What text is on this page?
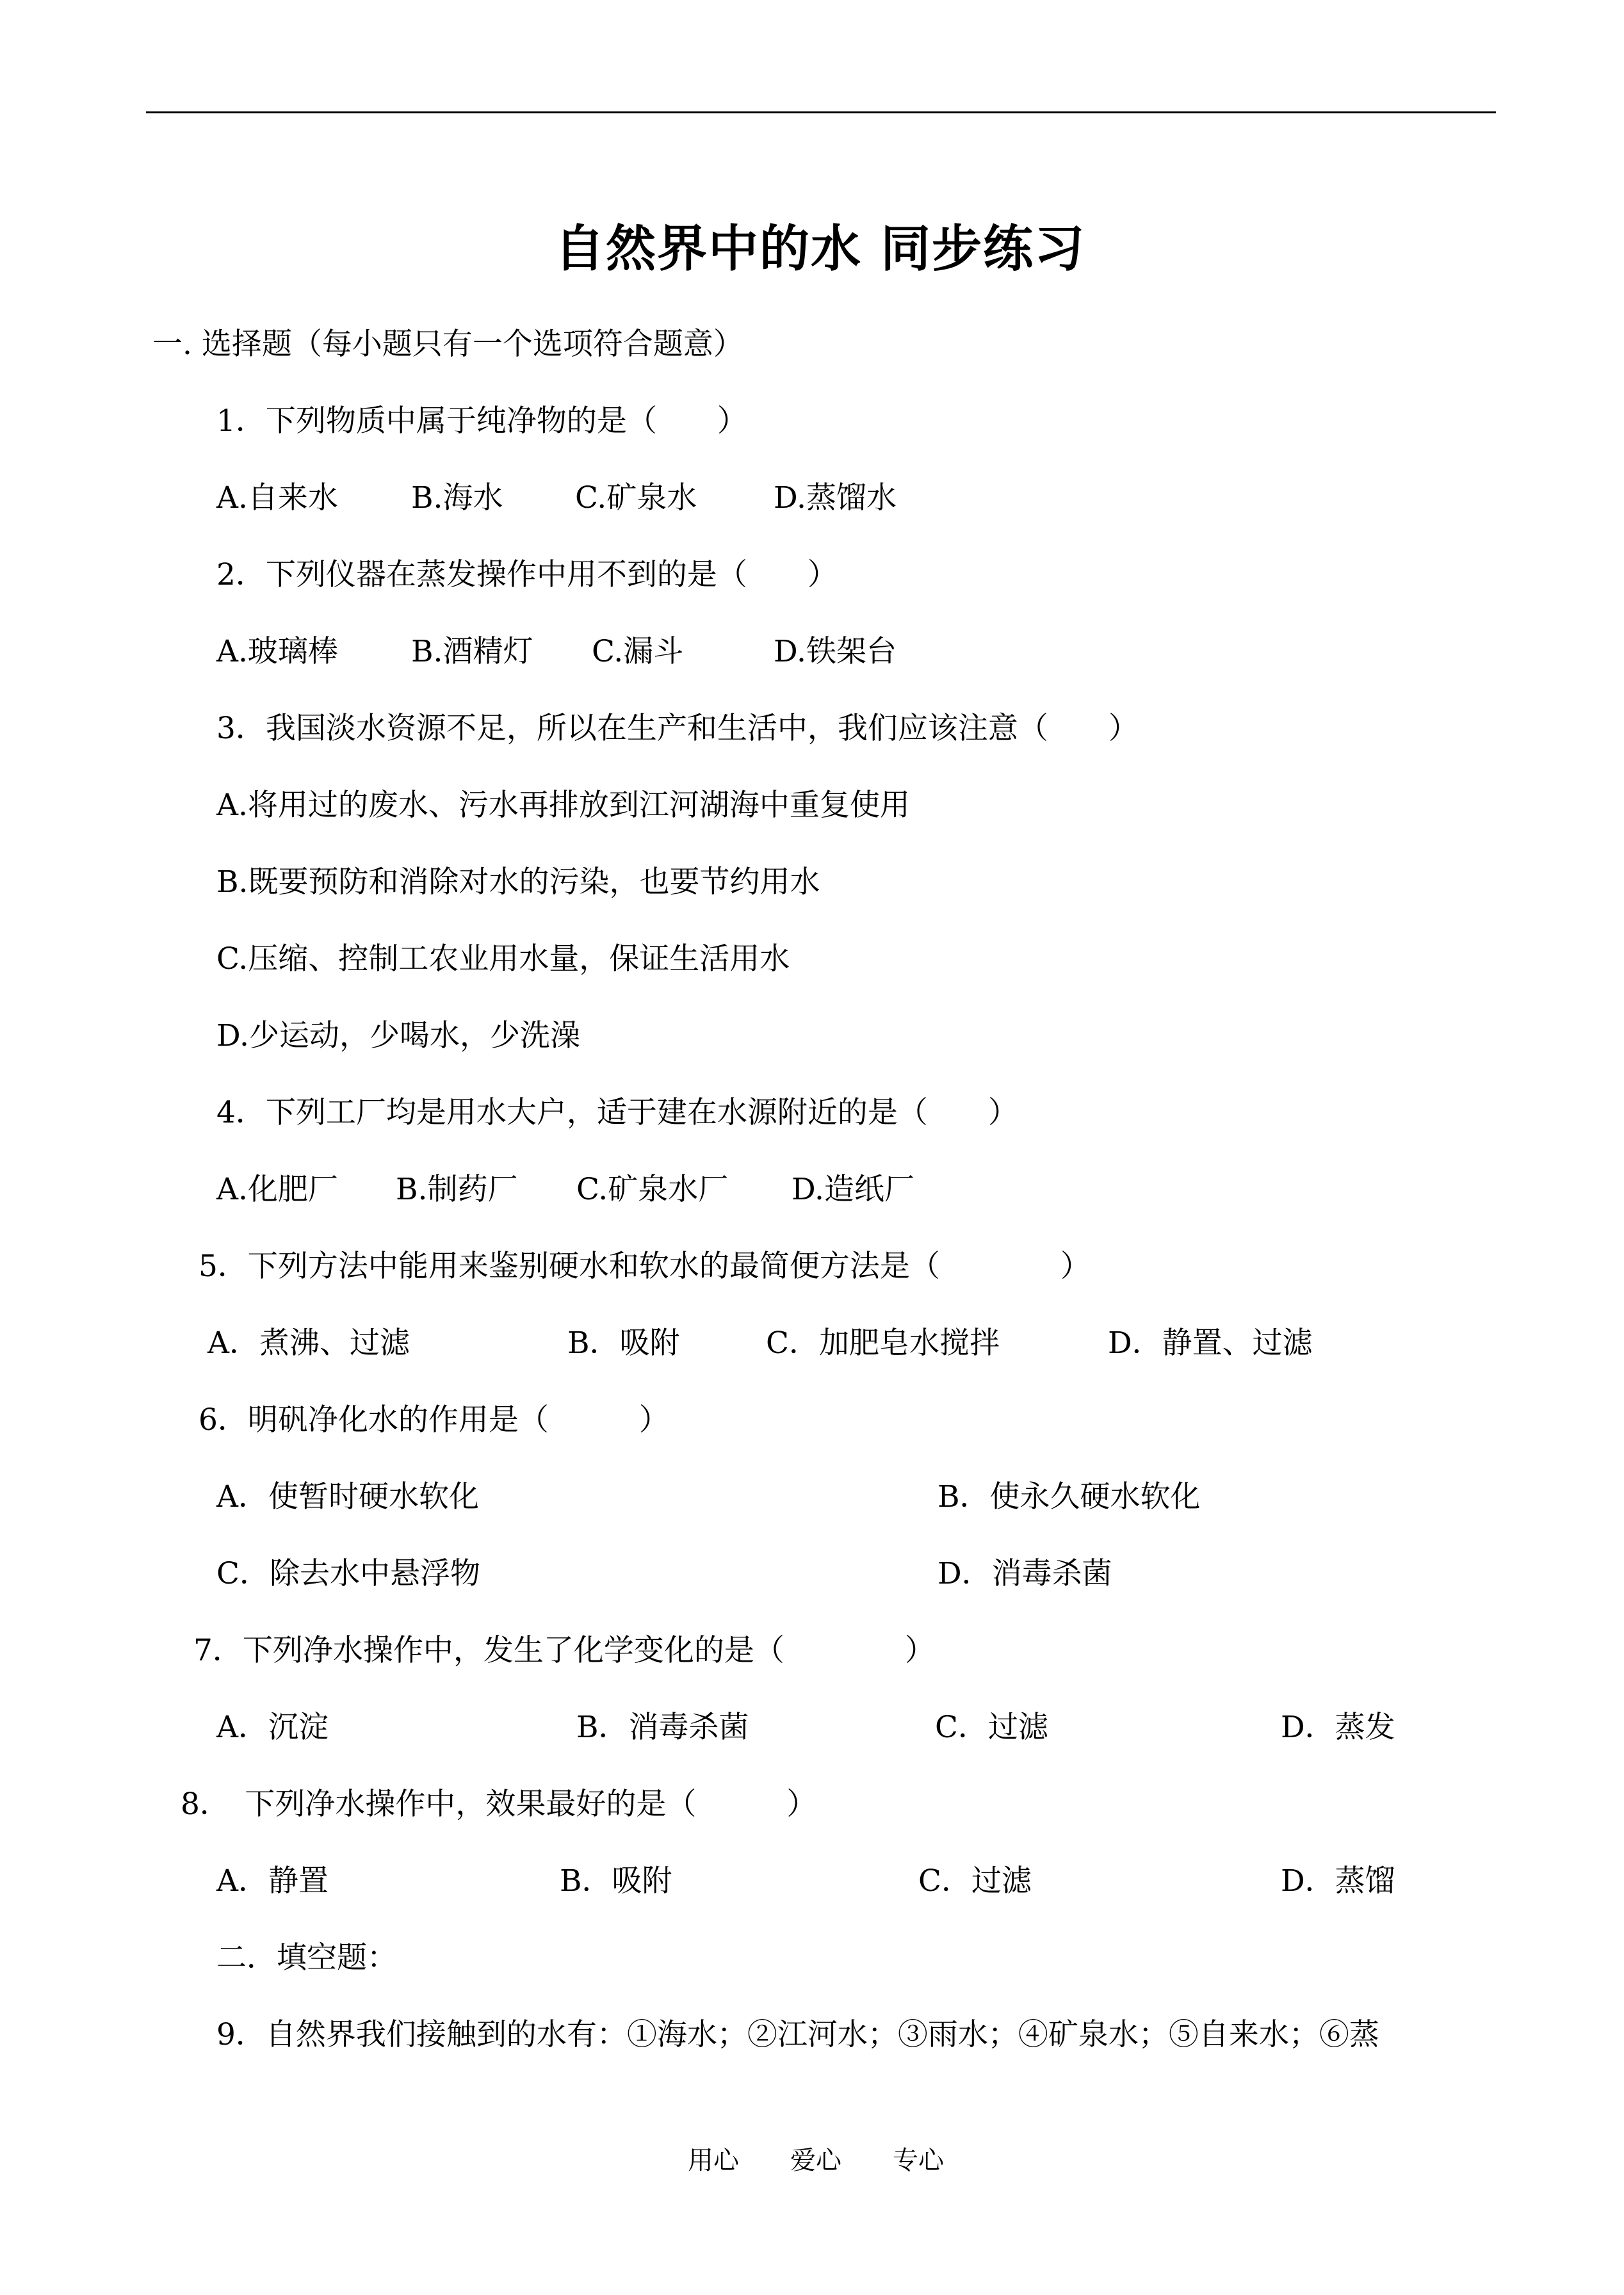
自然界中的水 同步练习
一. 选择题（每小题只有一个选项符合题意）
1．下列物质中属于纯净物的是（　　）
A.自来水 B.海水 C.矿泉水	D.蒸馏水
2．下列仪器在蒸发操作中用不到的是（　　）
A.玻璃棒 B.酒精灯 C.漏斗	D.铁架台
3．我国淡水资源不足，所以在生产和生活中，我们应该注意（　　）
A.将用过的废水、污水再排放到江河湖海中重复使用
B.既要预防和消除对水的污染，也要节约用水
C.压缩、控制工农业用水量，保证生活用水
D.少运动，少喝水，少洗澡
4．下列工厂均是用水大户，适于建在水源附近的是（　　）
A.化肥厂 B.制药厂 C.矿泉水厂 D.造纸厂
5．下列方法中能用来鉴别硬水和软水的最简便方法是（　　　　）
A．煮沸、过滤	B．吸附	C．加肥皂水搅拌	D．静置、过滤
6．明矾净化水的作用是（　　　）
A．使暂时硬水软化	B．使永久硬水软化
C．除去水中悬浮物	D．消毒杀菌
7．下列净水操作中，发生了化学变化的是（　　　　）
A．沉淀	B．消毒杀菌	C．过滤	D．蒸发
8．　下列净水操作中，效果最好的是（　　　）
A．静置	B．吸附	C．过滤	D．蒸馏
二．填空题：
9．自然界我们接触到的水有：①海水；②江河水；③雨水；④矿泉水；⑤自来水；⑥蒸
用心　　爱心　　专心
